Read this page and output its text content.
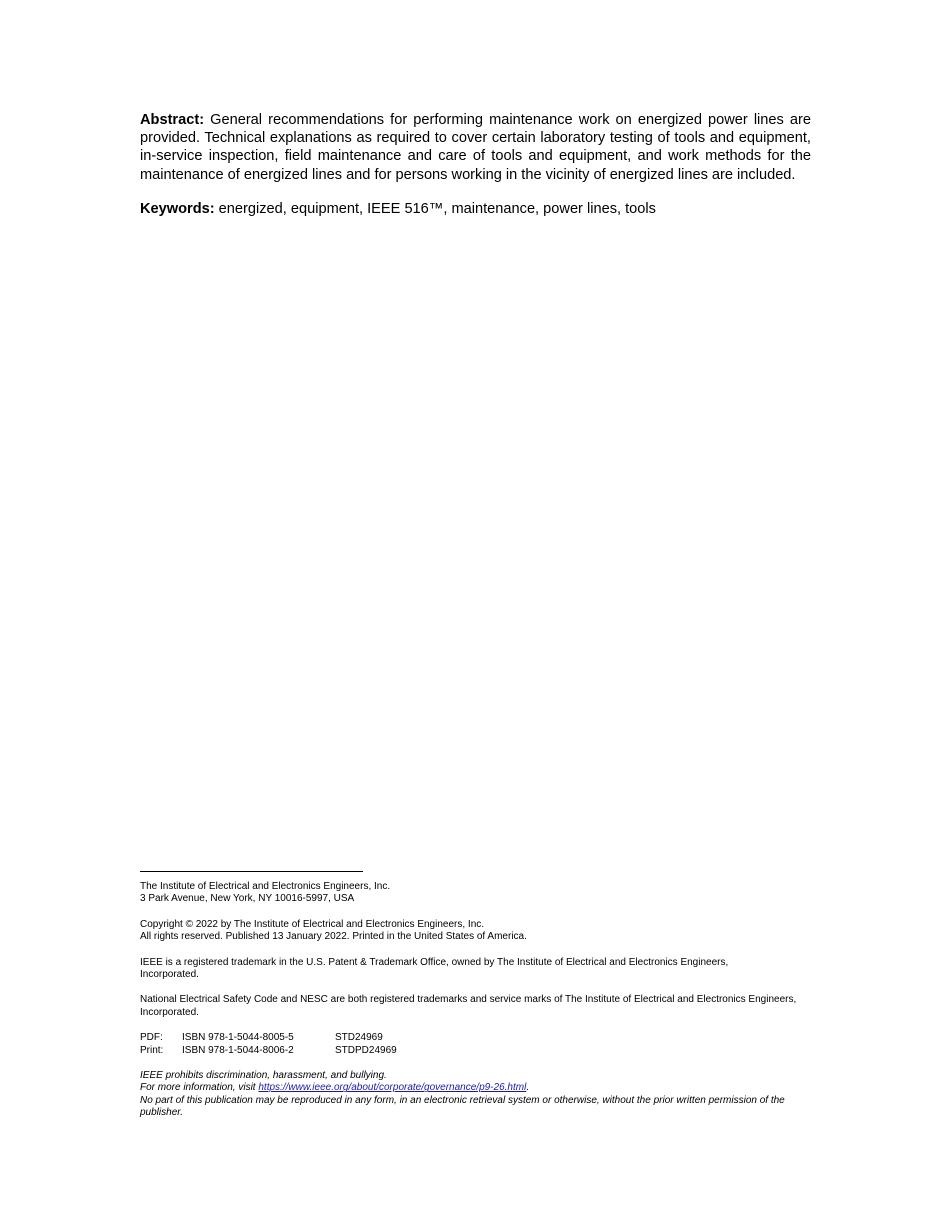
Abstract: General recommendations for performing maintenance work on energized power lines are provided. Technical explanations as required to cover certain laboratory testing of tools and equipment, in-service inspection, field maintenance and care of tools and equipment, and work methods for the maintenance of energized lines and for persons working in the vicinity of energized lines are included.

Keywords: energized, equipment, IEEE 516™, maintenance, power lines, tools

The Institute of Electrical and Electronics Engineers, Inc.

3 Park Avenue, New York, NY 10016-5997, USA

Copyright © 2022 by The Institute of Electrical and Electronics Engineers, Inc.

All rights reserved. Published 13 January 2022. Printed in the United States of America.

IEEE is a registered trademark in the U.S. Patent & Trademark Office, owned by The Institute of Electrical and Electronics Engineers, Incorporated.

National Electrical Safety Code and NESC are both registered trademarks and service marks of The Institute of Electrical and Electronics Engineers, Incorporated.

PDF:	ISBN 978-1-5044-8005-5	STD24969
Print:	ISBN 978-1-5044-8006-2	STDPD24969

IEEE prohibits discrimination, harassment, and bullying.

For more information, visit https://www.ieee.org/about/corporate/governance/p9-26.html.

No part of this publication may be reproduced in any form, in an electronic retrieval system or otherwise, without the prior written permission of the publisher.
